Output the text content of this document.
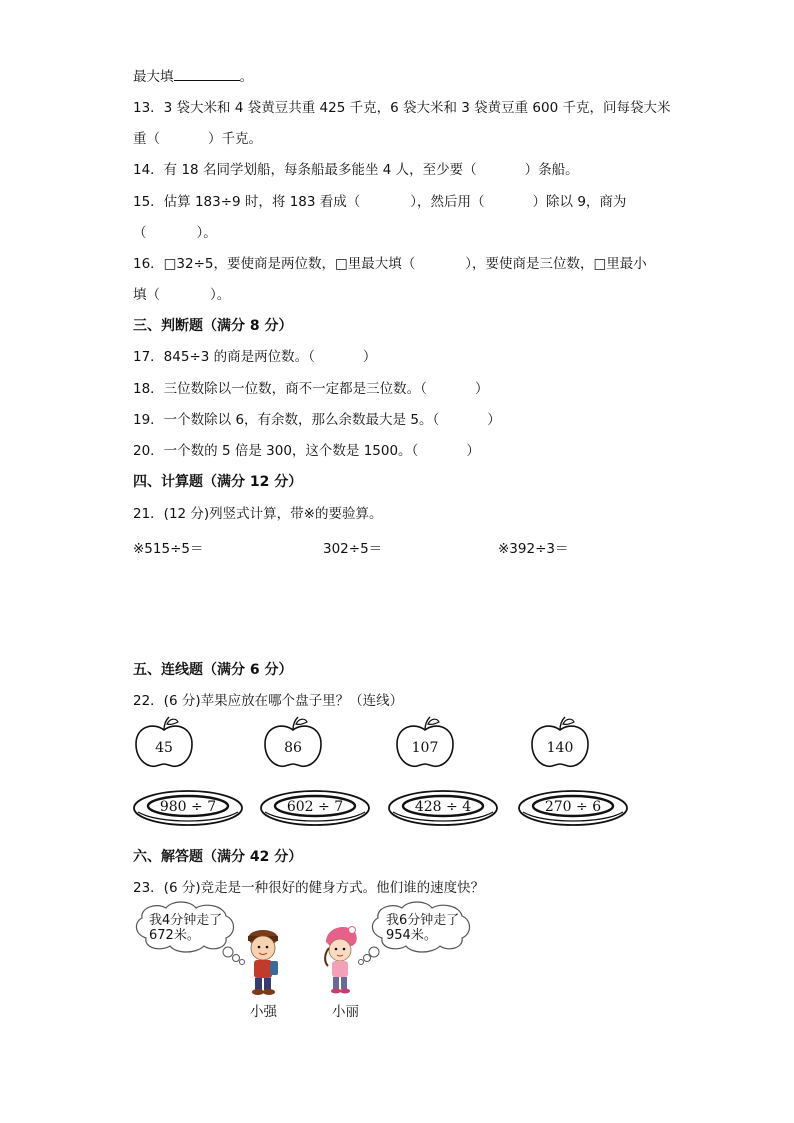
最大填	。
13．3 袋大米和 4 袋黄豆共重 425 千克，6 袋大米和 3 袋黄豆重 600 千克，问每袋大米
重（	）千克。
14．有 18 名同学划船，每条船最多能坐 4 人，至少要（	）条船。
15．估算 183÷9 时，将 183 看成（	），然后用（	）除以 9，商为
（	）。
16．□32÷5，要使商是两位数，□里最大填（	），要使商是三位数，□里最小
填（	）。
三、判断题（满分 8 分）
17．845÷3 的商是两位数。（	）
18．三位数除以一位数，商不一定都是三位数。（	）
19．一个数除以 6，有余数，那么余数最大是 5。（	）
20．一个数的 5 倍是 300，这个数是 1500。（	）
四、计算题（满分 12 分）
21．(12 分)列竖式计算，带※的要验算。
※515÷5＝	302÷5＝	※392÷3＝
五、连线题（满分 6 分）
22．(6 分)苹果应放在哪个盘子里？（连线）
45	86	107	140
980 ÷ 7	602 ÷ 7	428 ÷ 4	270 ÷ 6
六、解答题（满分 42 分）
23．(6 分)竞走是一种很好的健身方式。他们谁的速度快？
我4分钟走了
672米。
我6分钟走了
954米。
小强	小丽
